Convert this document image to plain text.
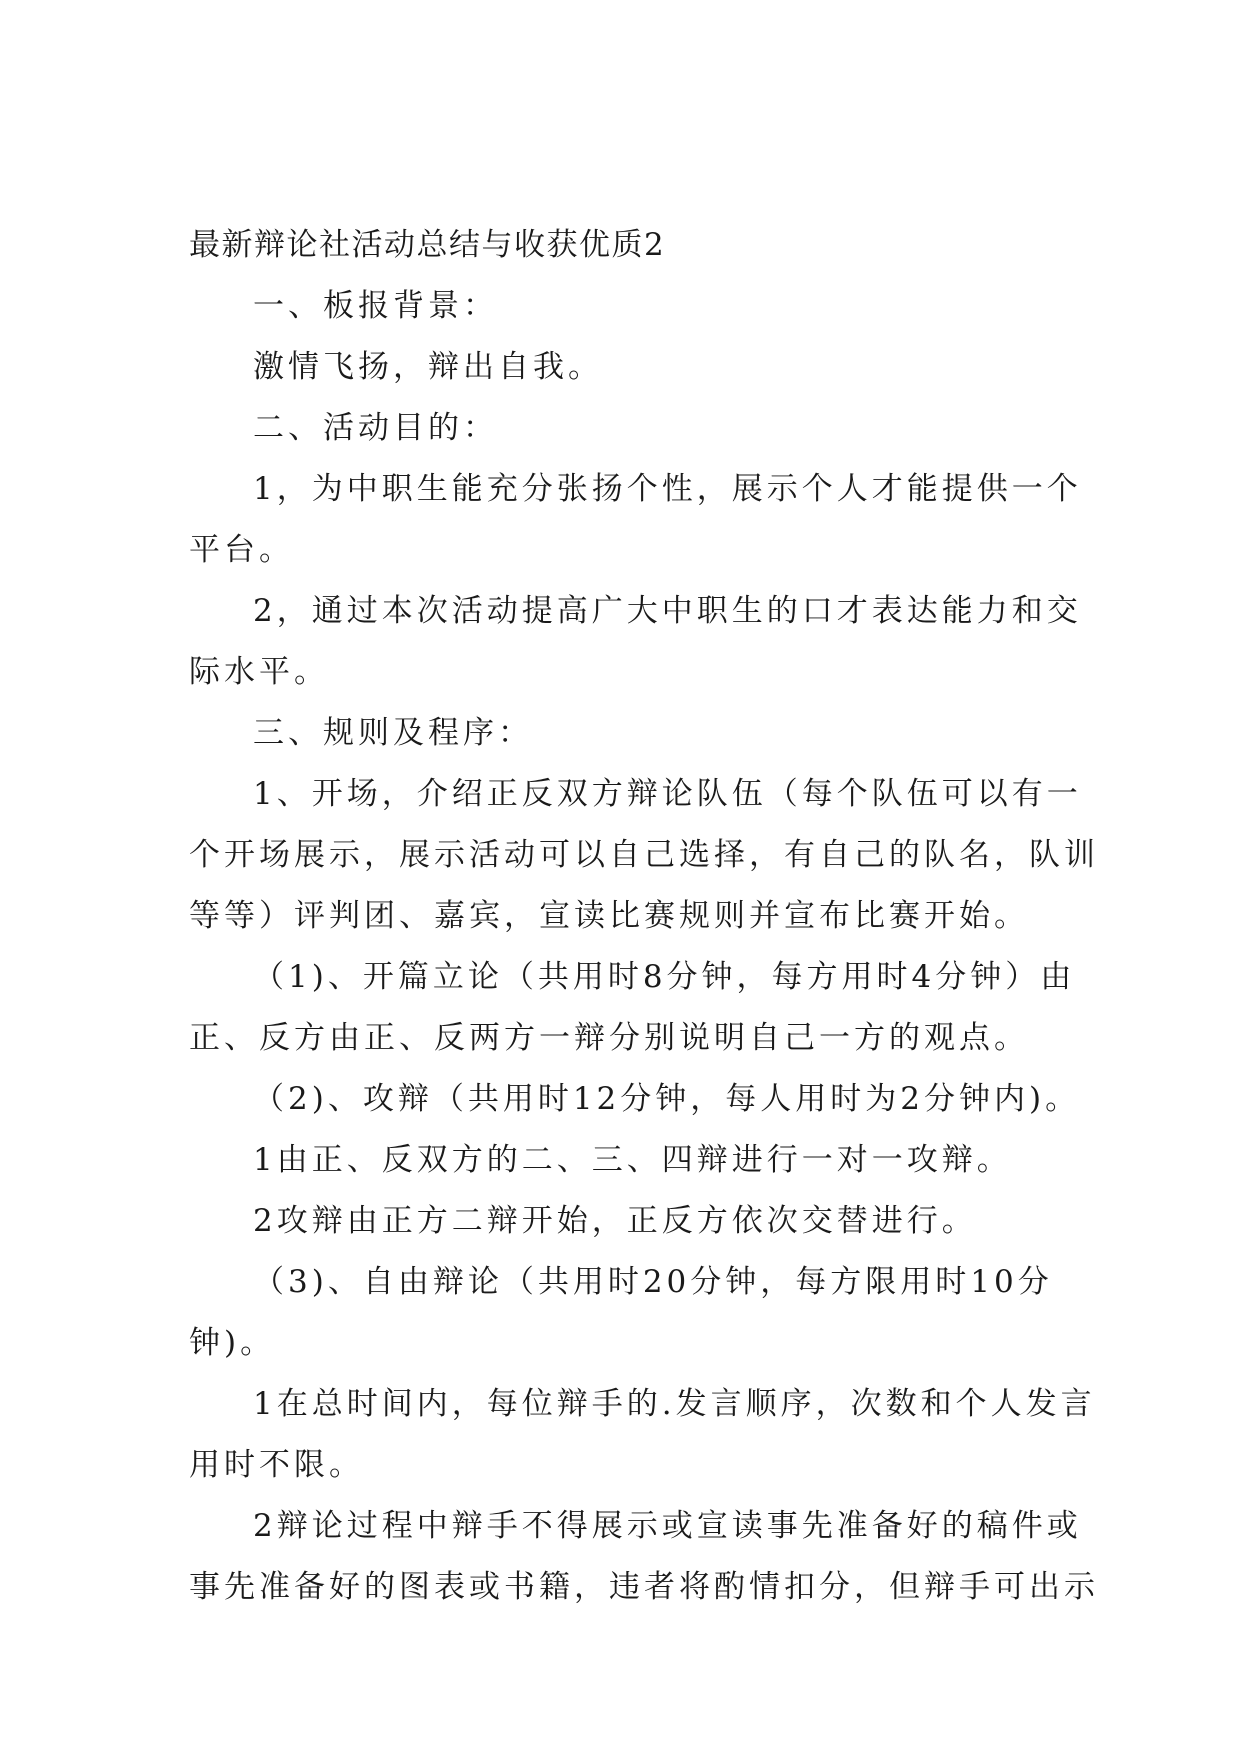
最新辩论社活动总结与收获优质2
一、板报背景：
激情飞扬，辩出自我。
二、活动目的：
1，为中职生能充分张扬个性，展示个人才能提供一个
平台。
2，通过本次活动提高广大中职生的口才表达能力和交
际水平。
三、规则及程序：
1、开场，介绍正反双方辩论队伍（每个队伍可以有一
个开场展示，展示活动可以自己选择，有自己的队名，队训
等等）评判团、嘉宾，宣读比赛规则并宣布比赛开始。
（1)、开篇立论（共用时8分钟，每方用时4分钟）由
正、反方由正、反两方一辩分别说明自己一方的观点。
（2)、攻辩（共用时12分钟，每人用时为2分钟内)。
1由正、反双方的二、三、四辩进行一对一攻辩。
2攻辩由正方二辩开始，正反方依次交替进行。
（3)、自由辩论（共用时20分钟，每方限用时10分
钟)。
1在总时间内，每位辩手的.发言顺序，次数和个人发言
用时不限。
2辩论过程中辩手不得展示或宣读事先准备好的稿件或
事先准备好的图表或书籍，违者将酌情扣分，但辩手可出示
